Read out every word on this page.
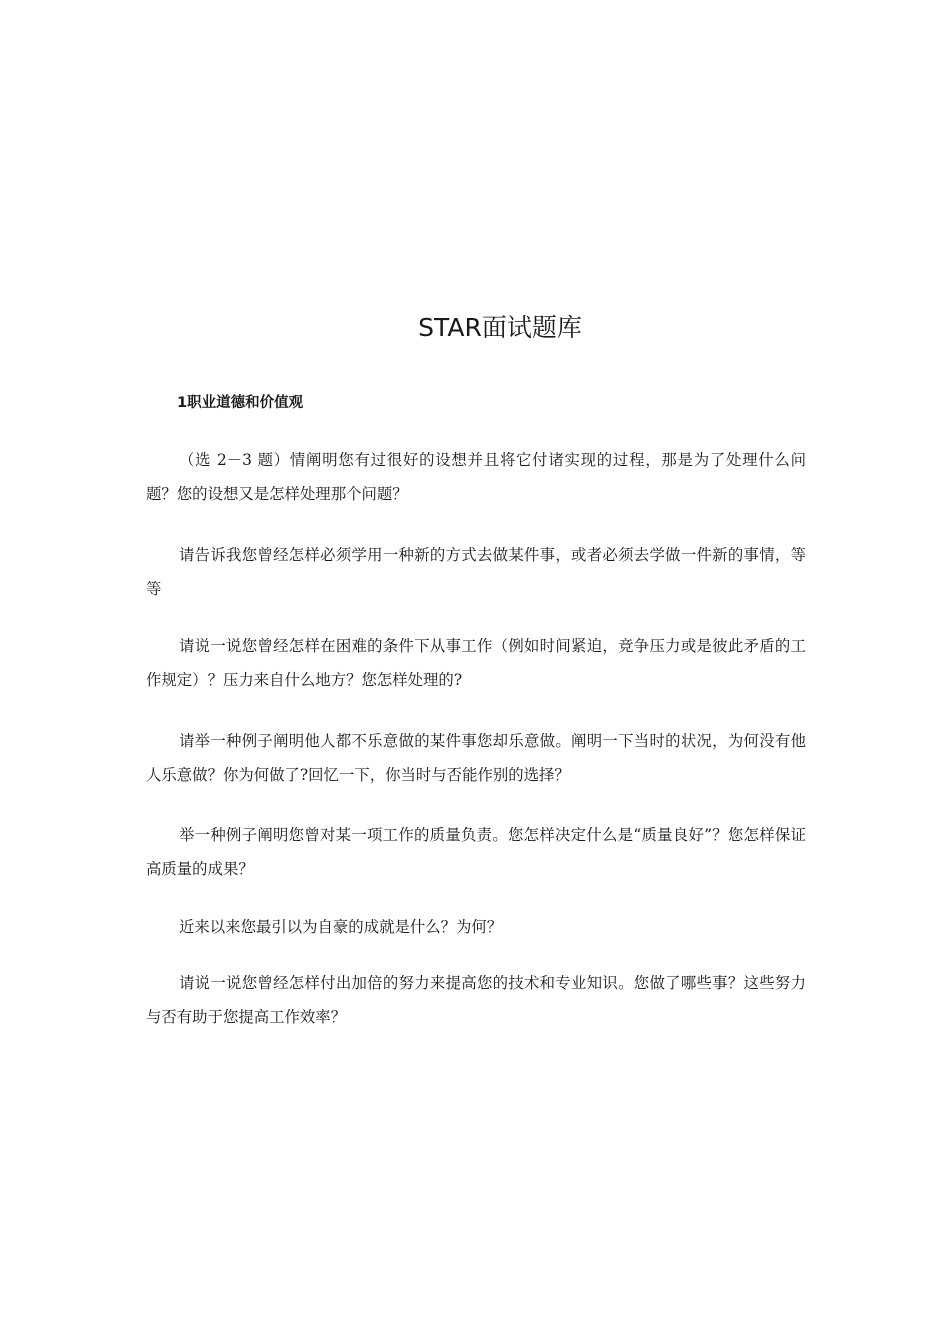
STAR面试题库
1职业道德和价值观

（选 2－3 题）情阐明您有过很好的设想并且将它付诸实现的过程，那是为了处理什么问题？您的设想又是怎样处理那个问题？

请告诉我您曾经怎样必须学用一种新的方式去做某件事，或者必须去学做一件新的事情，等等

请说一说您曾经怎样在困难的条件下从事工作（例如时间紧迫，竞争压力或是彼此矛盾的工作规定）？压力来自什么地方？您怎样处理的?

请举一种例子阐明他人都不乐意做的某件事您却乐意做。阐明一下当时的状况，为何没有他人乐意做？你为何做了?回忆一下，你当时与否能作别的选择？

举一种例子阐明您曾对某一项工作的质量负责。您怎样决定什么是“质量良好”？您怎样保证高质量的成果？

近来以来您最引以为自豪的成就是什么？为何？

请说一说您曾经怎样付出加倍的努力来提高您的技术和专业知识。您做了哪些事？这些努力与否有助于您提高工作效率？
